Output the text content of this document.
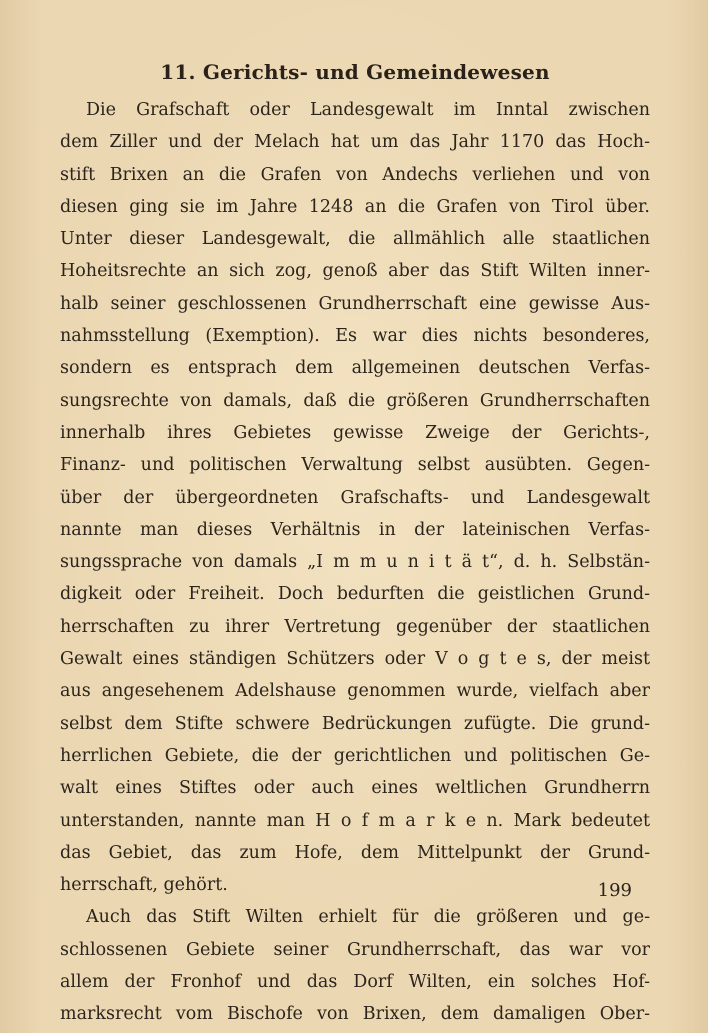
11. Gerichts- und Gemeindewesen
Die Grafschaft oder Landesgewalt im Inntal zwischen
dem Ziller und der Melach hat um das Jahr 1170 das Hoch-
stift Brixen an die Grafen von Andechs verliehen und von
diesen ging sie im Jahre 1248 an die Grafen von Tirol über.
Unter dieser Landesgewalt, die allmählich alle staatlichen
Hoheitsrechte an sich zog, genoß aber das Stift Wilten inner-
halb seiner geschlossenen Grundherrschaft eine gewisse Aus-
nahmsstellung (Exemption). Es war dies nichts besonderes,
sondern es entsprach dem allgemeinen deutschen Verfas-
sungsrechte von damals, daß die größeren Grundherrschaften
innerhalb ihres Gebietes gewisse Zweige der Gerichts-,
Finanz- und politischen Verwaltung selbst ausübten. Gegen-
über der übergeordneten Grafschafts- und Landesgewalt
nannte man dieses Verhältnis in der lateinischen Verfas-
sungssprache von damals „I m m u n i t ä t“, d. h. Selbstän-
digkeit oder Freiheit. Doch bedurften die geistlichen Grund-
herrschaften zu ihrer Vertretung gegenüber der staatlichen
Gewalt eines ständigen Schützers oder V o g t e s, der meist
aus angesehenem Adelshause genommen wurde, vielfach aber
selbst dem Stifte schwere Bedrückungen zufügte. Die grund-
herrlichen Gebiete, die der gerichtlichen und politischen Ge-
walt eines Stiftes oder auch eines weltlichen Grundherrn
unterstanden, nannte man H o f m a r k e n. Mark bedeutet
das Gebiet, das zum Hofe, dem Mittelpunkt der Grund-
herrschaft, gehört.
Auch das Stift Wilten erhielt für die größeren und ge-
schlossenen Gebiete seiner Grundherrschaft, das war vor
allem der Fronhof und das Dorf Wilten, ein solches Hof-
marksrecht vom Bischofe von Brixen, dem damaligen Ober-
199
